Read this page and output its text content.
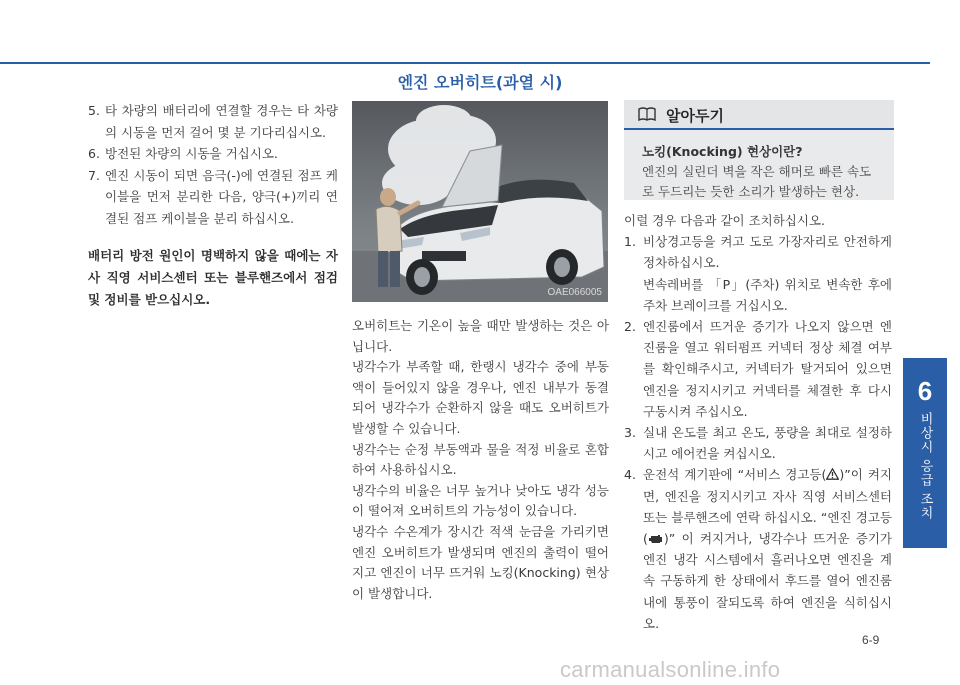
6
비상시 응급 조치
5. 타 차량의 배터리에 연결할 경우는 타 차량의 시동을 먼저 걸어 몇 분 기다리십시오.
6. 방전된 차량의 시동을 거십시오.
7. 엔진 시동이 되면 음극(-)에 연결된 점프 케이블을 먼저 분리한 다음, 양극(+)끼리 연결된 점프 케이블을 분리 하십시오.

배터리 방전 원인이 명백하지 않을 때에는 자사 직영 서비스센터 또는 블루핸즈에서 점검 및 정비를 받으십시오.

엔진 오버히트(과열 시)
OAE066005

오버히트는 기온이 높을 때만 발생하는 것은 아닙니다.

냉각수가 부족할 때, 한랭시 냉각수 중에 부동액이 들어있지 않을 경우나, 엔진 내부가 동결되어 냉각수가 순환하지 않을 때도 오버히트가 발생할 수 있습니다.

냉각수는 순정 부동액과 물을 적정 비율로 혼합하여 사용하십시오.

냉각수의 비율은 너무 높거나 낮아도 냉각 성능이 떨어져 오버히트의 가능성이 있습니다.

냉각수 수온계가 장시간 적색 눈금을 가리키면 엔진 오버히트가 발생되며 엔진의 출력이 떨어지고 엔진이 너무 뜨거워 노킹(Knocking) 현상이 발생합니다.

알아두기
노킹(Knocking) 현상이란?
엔진의 실린더 벽을 작은 해머로 빠른 속도로 두드리는 듯한 소리가 발생하는 현상.

이럴 경우 다음과 같이 조치하십시오.

1. 비상경고등을 켜고 도로 가장자리로 안전하게 정차하십시오.
변속레버를 「P」(주차) 위치로 변속한 후에 주차 브레이크를 거십시오.
2. 엔진룸에서 뜨거운 증기가 나오지 않으면 엔진룸을 열고 워터펌프 커넥터 정상 체결 여부를 확인해주시고, 커넥터가 탈거되어 있으면 엔진을 정지시키고 커넥터를 체결한 후 다시 구동시켜 주십시오.
3. 실내 온도를 최고 온도, 풍량을 최대로 설정하시고 에어컨을 켜십시오.
4. 운전석 계기판에 “서비스 경고등( )”이 켜지면, 엔진을 정지시키고 자사 직영 서비스센터 또는 블루핸즈에 연락 하십시오. “엔진 경고등( )” 이 켜지거나, 냉각수나 뜨거운 증기가 엔진 냉각 시스템에서 흘러나오면 엔진을 계속 구동하게 한 상태에서 후드를 열어 엔진룸 내에 통풍이 잘되도록 하여 엔진을 식히십시오.
6-9
carmanualsonline.info
